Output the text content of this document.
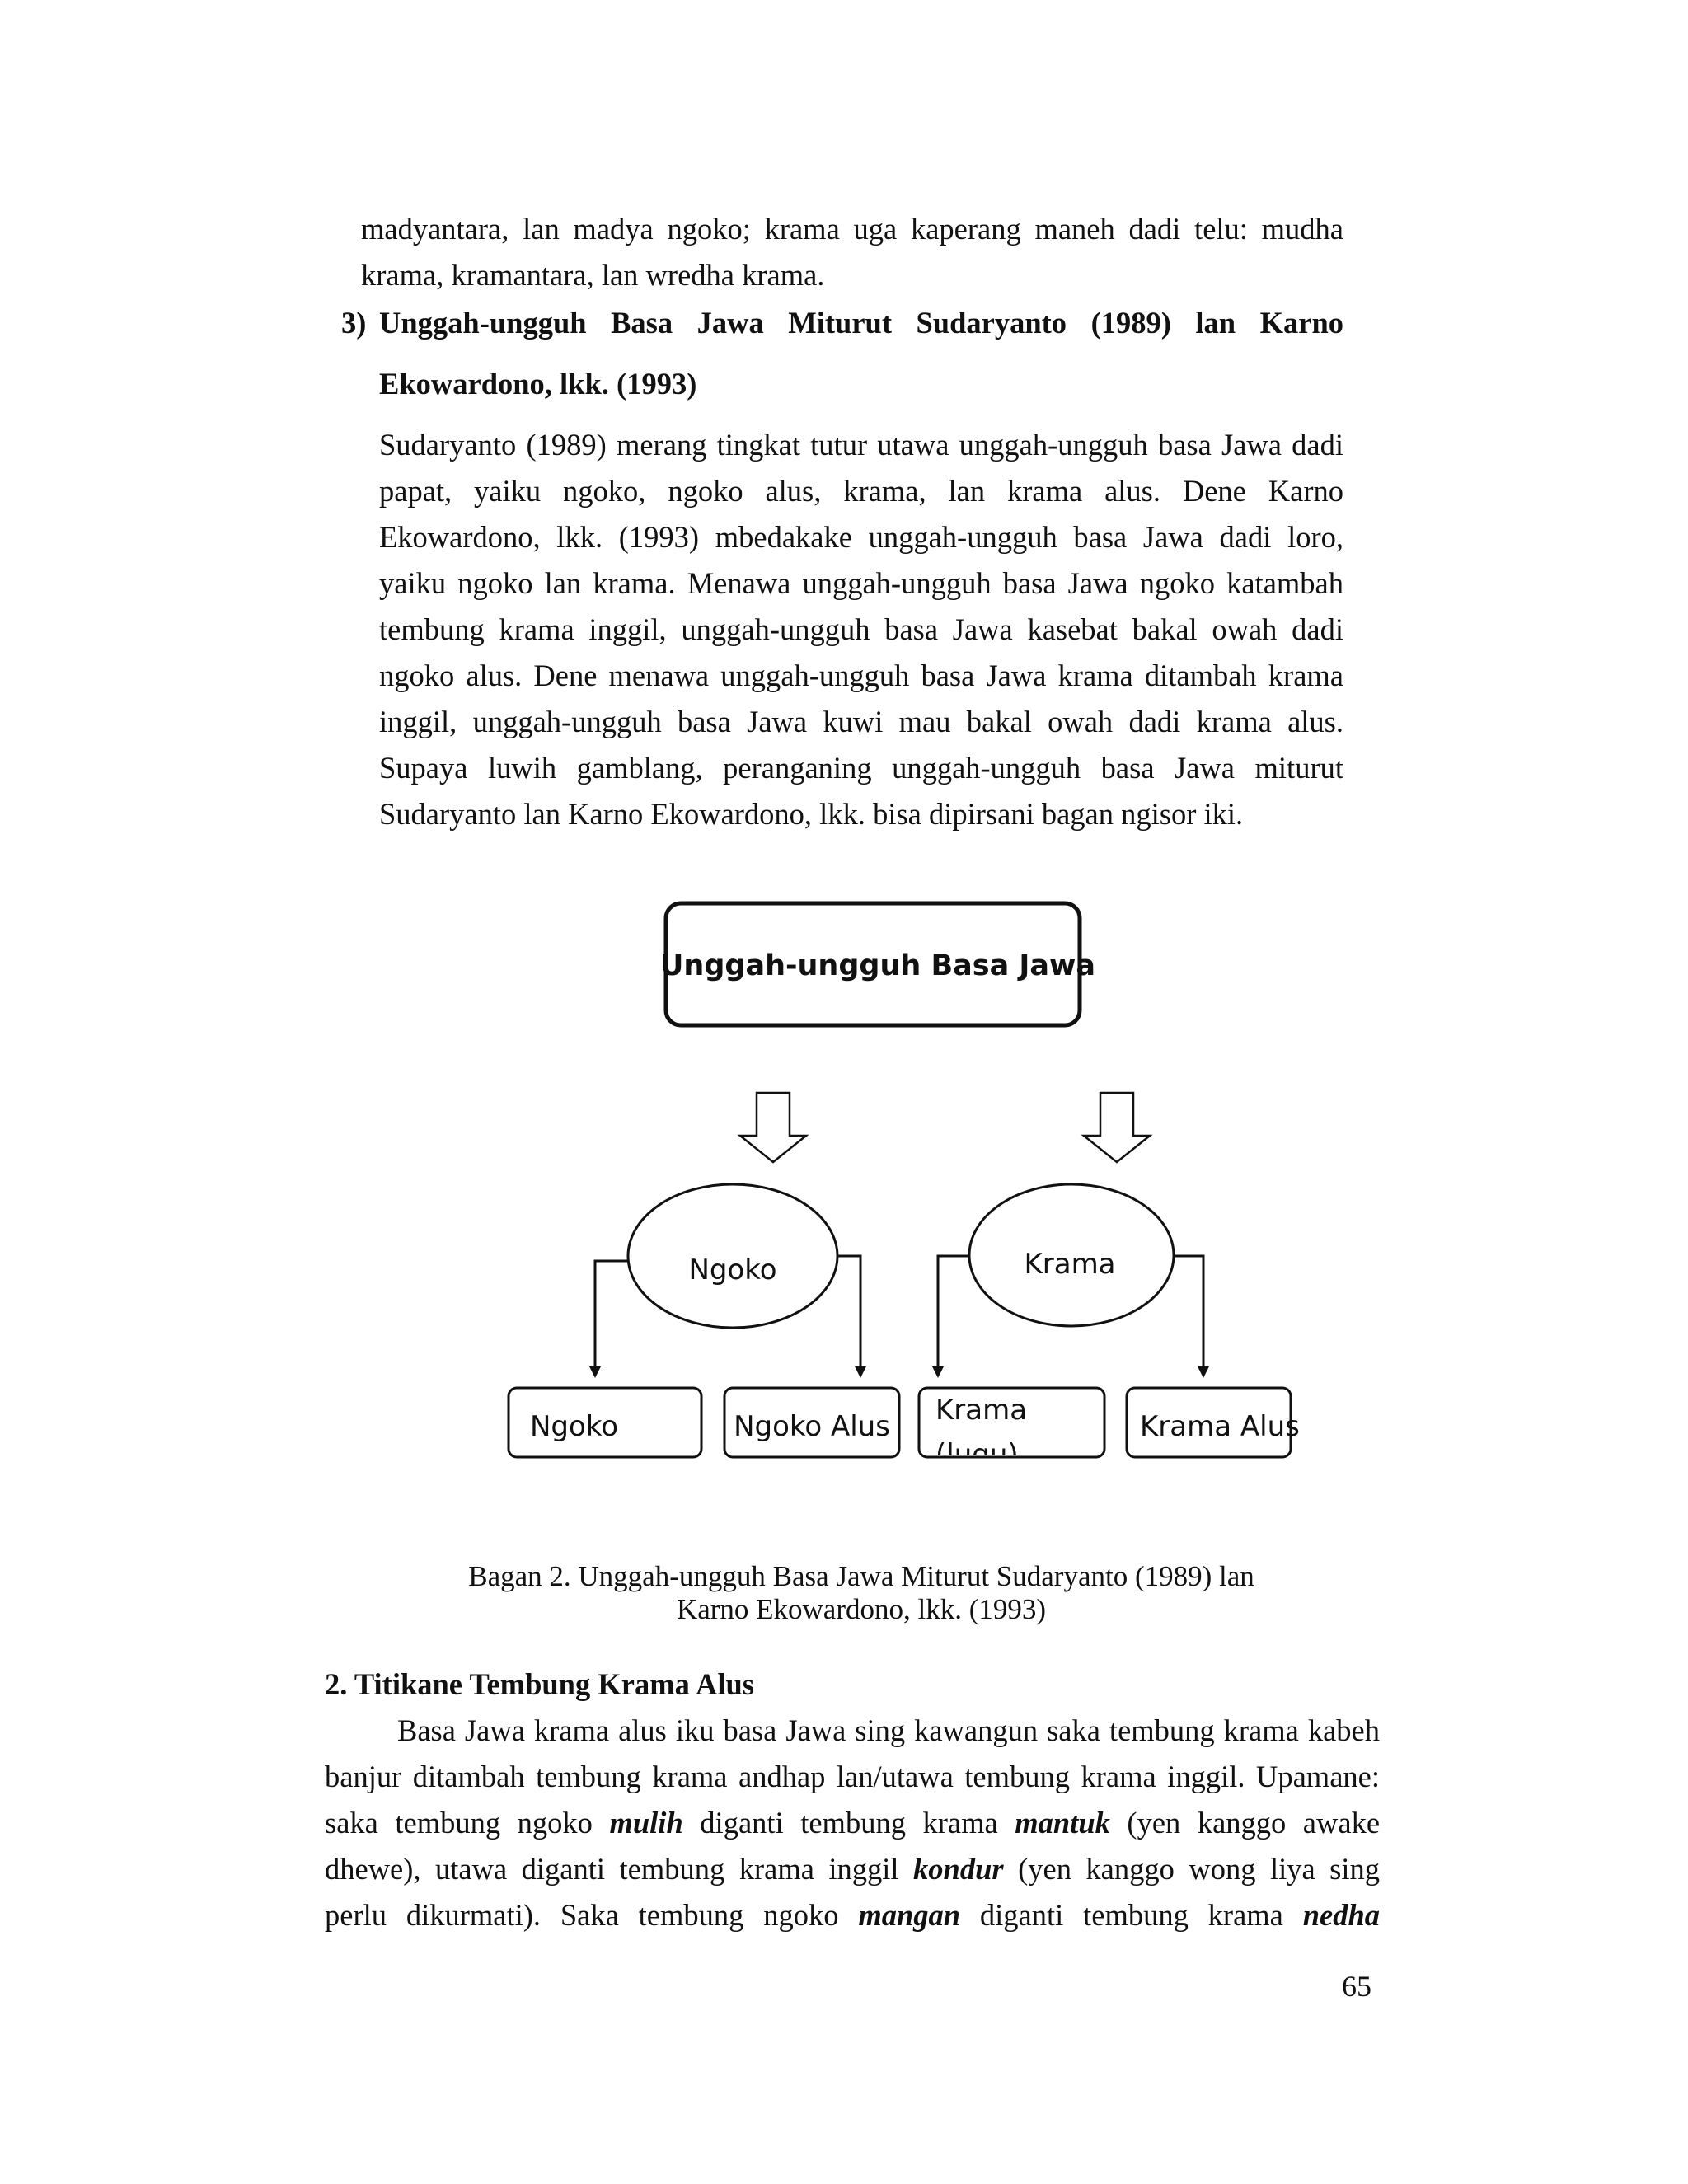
madyantara, lan madya ngoko; krama uga kaperang maneh dadi telu: mudha
krama, kramantara, lan wredha krama.
3) Unggah-ungguh Basa Jawa Miturut Sudaryanto (1989) lan Karno
Ekowardono, lkk. (1993)
Sudaryanto (1989) merang tingkat tutur utawa unggah-ungguh basa Jawa dadi
papat, yaiku ngoko, ngoko alus, krama, lan krama alus. Dene Karno
Ekowardono, lkk. (1993) mbedakake unggah-ungguh basa Jawa dadi loro,
yaiku ngoko lan krama. Menawa unggah-ungguh basa Jawa ngoko katambah
tembung krama inggil, unggah-ungguh basa Jawa kasebat bakal owah dadi
ngoko alus. Dene menawa unggah-ungguh basa Jawa krama ditambah krama
inggil, unggah-ungguh basa Jawa kuwi mau bakal owah dadi krama alus.
Supaya luwih gamblang, peranganing unggah-ungguh basa Jawa miturut
Sudaryanto lan Karno Ekowardono, lkk. bisa dipirsani bagan ngisor iki.
Unggah-ungguh Basa Jawa
Ngoko	Krama
Ngoko	Ngoko Alus Krama (lugu)
Krama Alus
Bagan 2. Unggah-ungguh Basa Jawa Miturut Sudaryanto (1989) lan
Karno Ekowardono, lkk. (1993)
2. Titikane Tembung Krama Alus
Basa Jawa krama alus iku basa Jawa sing kawangun saka tembung krama kabeh
banjur ditambah tembung krama andhap lan/utawa tembung krama inggil. Upamane:
saka tembung ngoko mulih diganti tembung krama mantuk (yen kanggo awake
dhewe), utawa diganti tembung krama inggil kondur (yen kanggo wong liya sing
perlu dikurmati). Saka tembung ngoko mangan diganti tembung krama nedha
65
